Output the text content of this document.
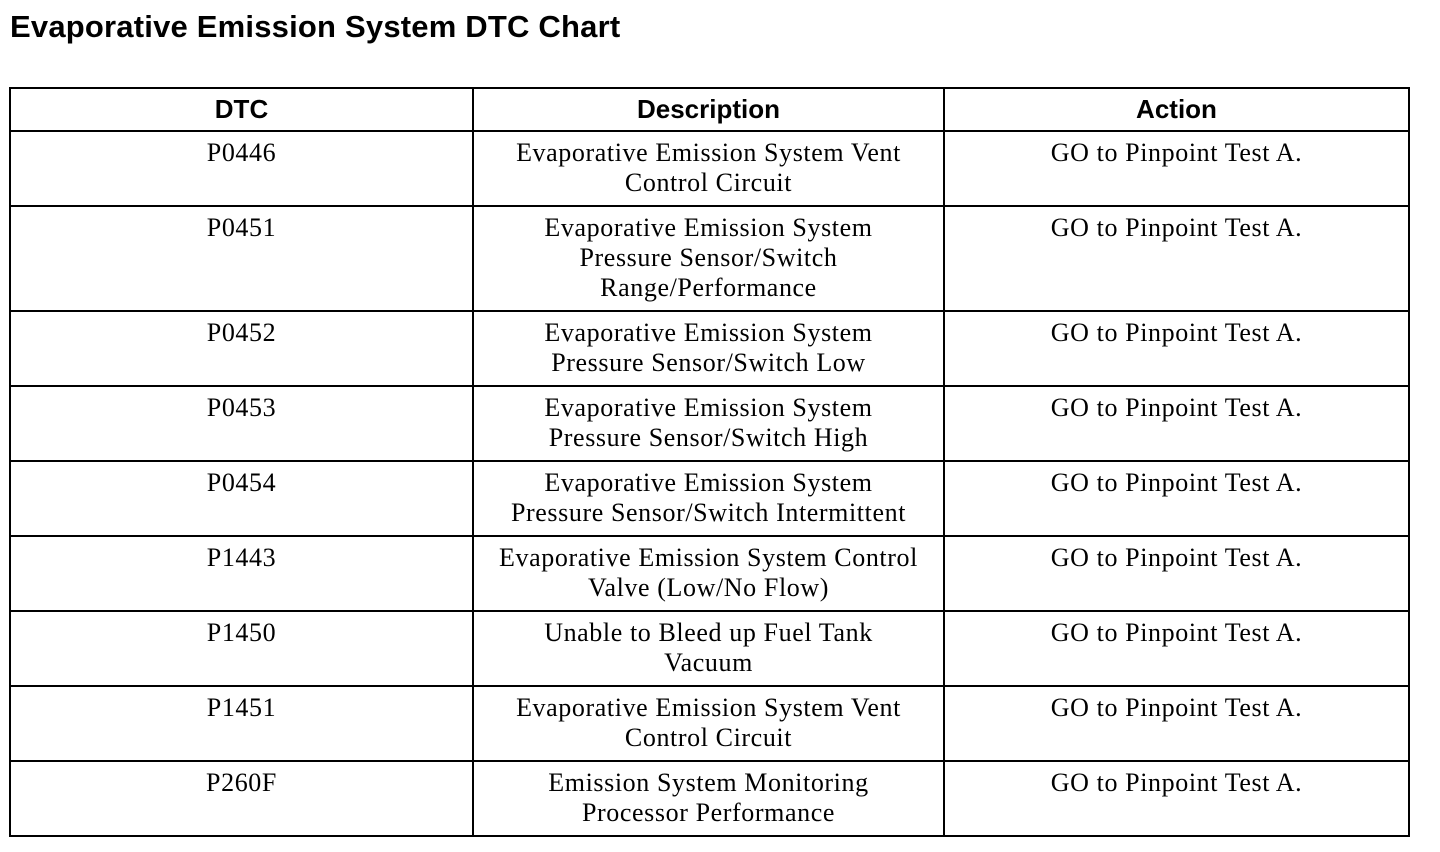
Evaporative Emission System DTC Chart
DTC	Description	Action
P0446	Evaporative Emission System Vent Control Circuit	GO to Pinpoint Test A.
P0451	Evaporative Emission System Pressure Sensor/Switch Range/Performance	GO to Pinpoint Test A.
P0452	Evaporative Emission System Pressure Sensor/Switch Low	GO to Pinpoint Test A.
P0453	Evaporative Emission System Pressure Sensor/Switch High	GO to Pinpoint Test A.
P0454	Evaporative Emission System Pressure Sensor/Switch Intermittent	GO to Pinpoint Test A.
P1443	Evaporative Emission System Control Valve (Low/No Flow)	GO to Pinpoint Test A.
P1450	Unable to Bleed up Fuel Tank Vacuum	GO to Pinpoint Test A.
P1451	Evaporative Emission System Vent Control Circuit	GO to Pinpoint Test A.
P260F	Emission System Monitoring Processor Performance	GO to Pinpoint Test A.
